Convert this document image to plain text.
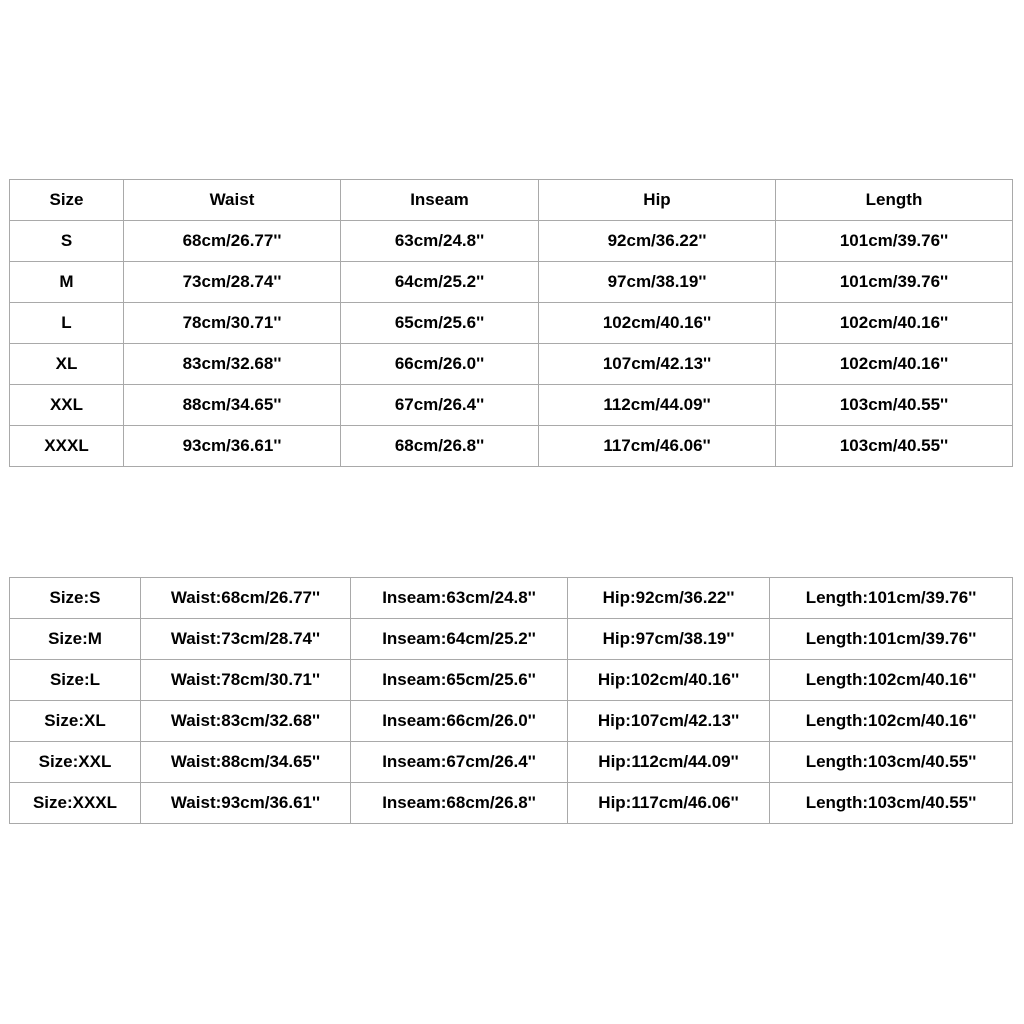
Size	Waist	Inseam	Hip	Length
S	68cm/26.77''	63cm/24.8''	92cm/36.22''	101cm/39.76''
M	73cm/28.74''	64cm/25.2''	97cm/38.19''	101cm/39.76''
L	78cm/30.71''	65cm/25.6''	102cm/40.16''	102cm/40.16''
XL	83cm/32.68''	66cm/26.0''	107cm/42.13''	102cm/40.16''
XXL	88cm/34.65''	67cm/26.4''	112cm/44.09''	103cm/40.55''
XXXL	93cm/36.61''	68cm/26.8''	117cm/46.06''	103cm/40.55''
Size:S	Waist:68cm/26.77''	Inseam:63cm/24.8''	Hip:92cm/36.22''	Length:101cm/39.76''
Size:M	Waist:73cm/28.74''	Inseam:64cm/25.2''	Hip:97cm/38.19''	Length:101cm/39.76''
Size:L	Waist:78cm/30.71''	Inseam:65cm/25.6''	Hip:102cm/40.16''	Length:102cm/40.16''
Size:XL	Waist:83cm/32.68''	Inseam:66cm/26.0''	Hip:107cm/42.13''	Length:102cm/40.16''
Size:XXL	Waist:88cm/34.65''	Inseam:67cm/26.4''	Hip:112cm/44.09''	Length:103cm/40.55''
Size:XXXL	Waist:93cm/36.61''	Inseam:68cm/26.8''	Hip:117cm/46.06''	Length:103cm/40.55''
